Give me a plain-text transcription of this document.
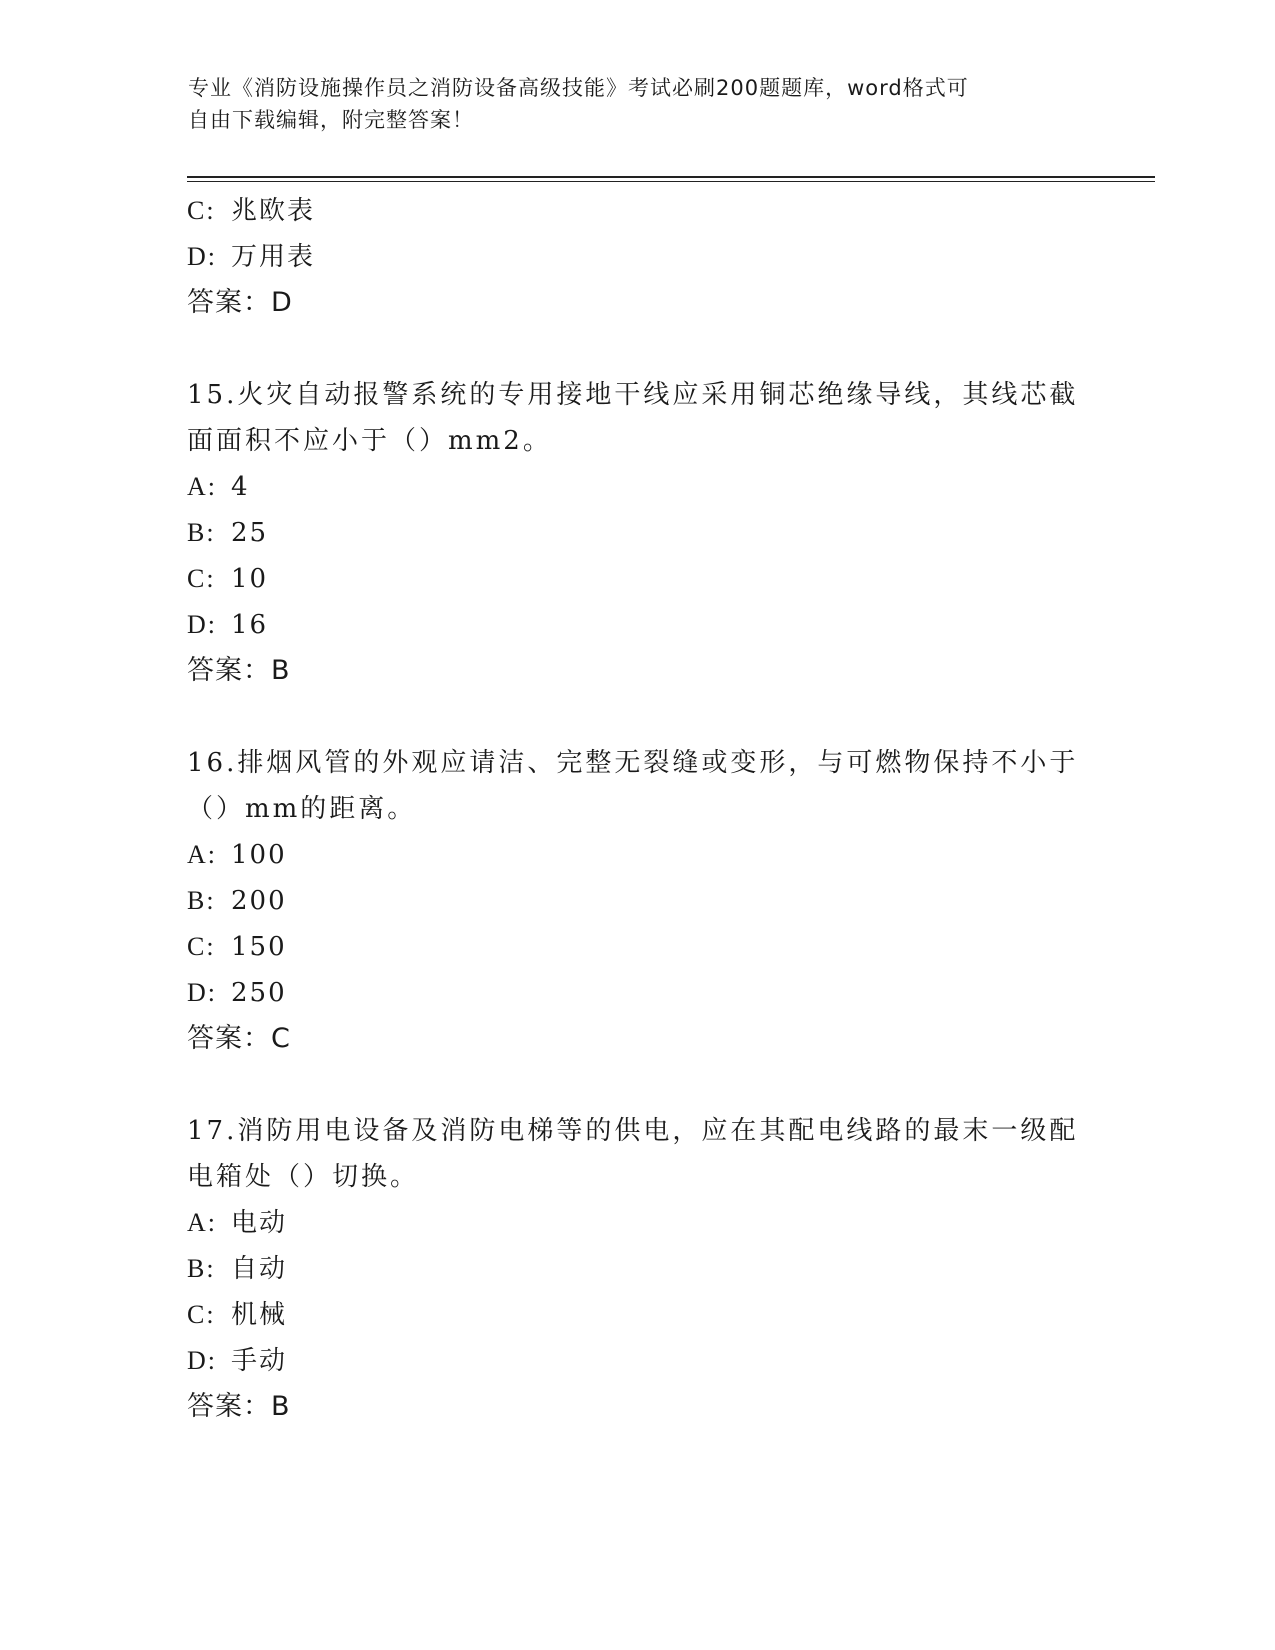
专业《消防设施操作员之消防设备高级技能》考试必刷200题题库，word格式可
自由下载编辑，附完整答案！
C: 兆欧表
D: 万用表
答案：D
15.火灾自动报警系统的专用接地干线应采用铜芯绝缘导线，其线芯截
面面积不应小于（）mm2。
A: 4
B: 25
C: 10
D: 16
答案：B
16.排烟风管的外观应请洁、完整无裂缝或变形，与可燃物保持不小于
（）mm的距离。
A: 100
B: 200
C: 150
D: 250
答案：C
17.消防用电设备及消防电梯等的供电，应在其配电线路的最末一级配
电箱处（）切换。
A: 电动
B: 自动
C: 机械
D: 手动
答案：B
